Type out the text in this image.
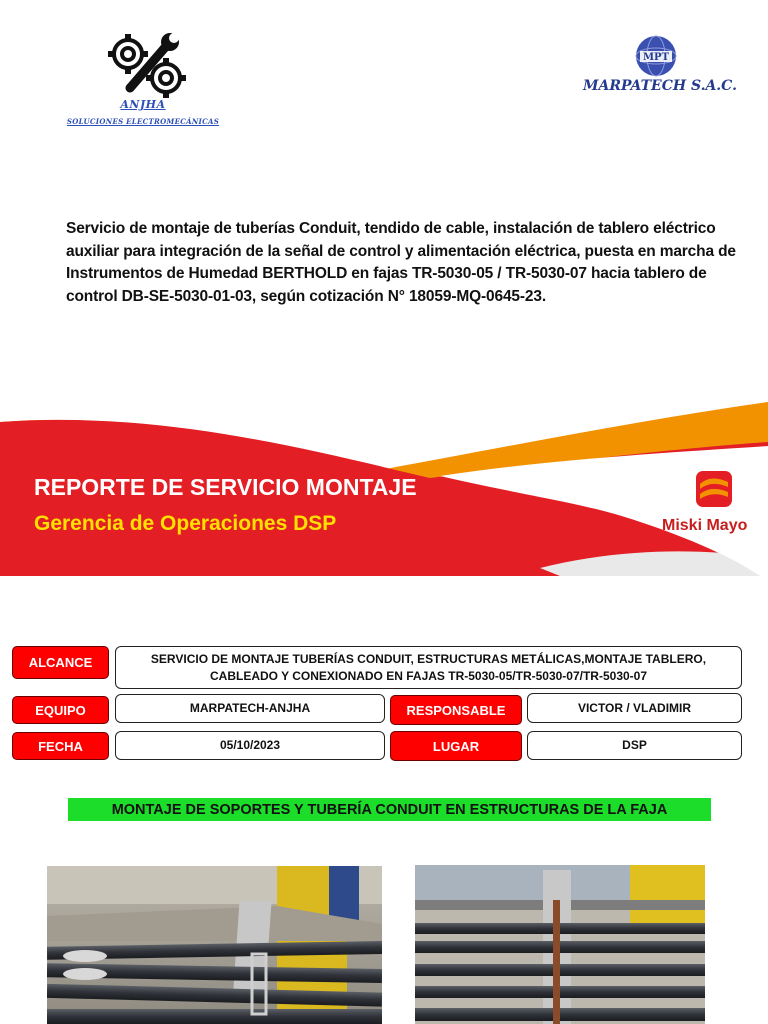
ANJHA
SOLUCIONES ELECTROMECÁNICAS
MPT
MARPATECH S.A.C.
Servicio de montaje de tuberías Conduit, tendido de cable, instalación de tablero eléctrico auxiliar para integración de la señal de control y alimentación eléctrica, puesta en marcha de Instrumentos de Humedad BERTHOLD en fajas TR-5030-05 / TR-5030-07 hacia tablero de control DB-SE-5030-01-03, según cotización N° 18059-MQ-0645-23.
REPORTE DE SERVICIO MONTAJE
Gerencia de Operaciones DSP	Miski Mayo
ALCANCE	SERVICIO DE MONTAJE TUBERÍAS CONDUIT, ESTRUCTURAS METÁLICAS,MONTAJE TABLERO, CABLEADO Y CONEXIONADO EN FAJAS TR-5030-05/TR-5030-07/TR-5030-07
EQUIPO	MARPATECH-ANJHA	RESPONSABLE	VICTOR / VLADIMIR
FECHA	05/10/2023	LUGAR	DSP
MONTAJE DE SOPORTES Y TUBERÍA CONDUIT EN ESTRUCTURAS DE LA FAJA
